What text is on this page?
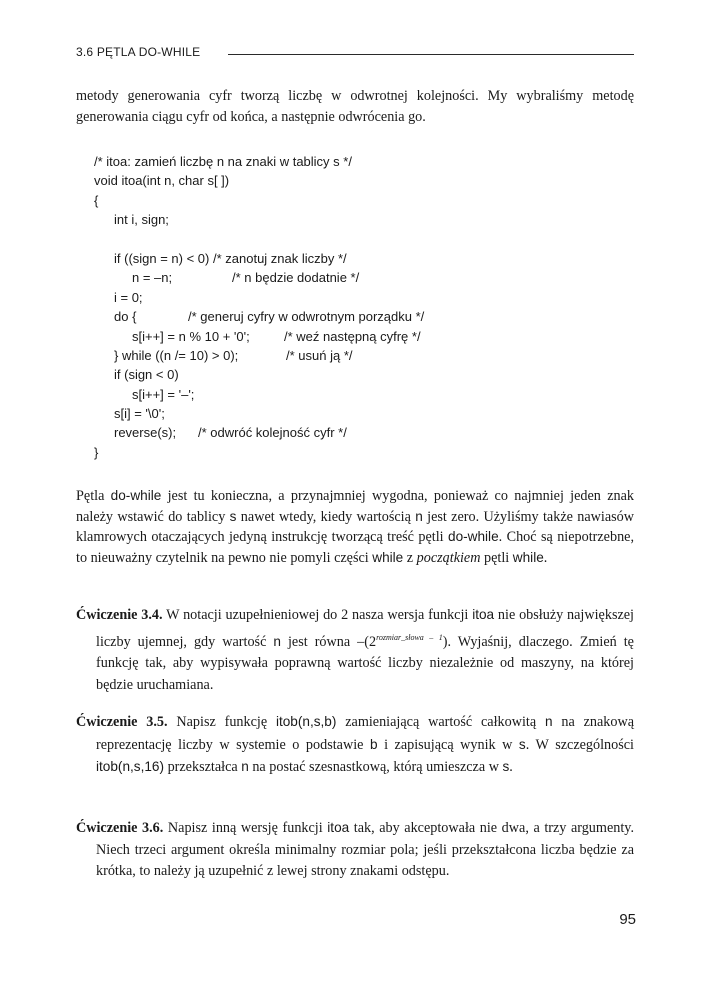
3.6 PĘTLA DO-WHILE

metody generowania cyfr tworzą liczbę w odwrotnej kolejności. My wybraliśmy metodę generowania ciągu cyfr od końca, a następnie odwrócenia go.

/* itoa: zamień liczbę n na znaki w tablicy s */
void itoa(int n, char s[ ])
{
int i, sign;
if ((sign = n) < 0) /* zanotuj znak liczby */
n = –n;	/* n będzie dodatnie */
i = 0;
do {	/* generuj cyfry w odwrotnym porządku */
s[i++] = n % 10 + '0';	/* weź następną cyfrę */
} while ((n /= 10) > 0);	/* usuń ją */
if (sign < 0)
s[i++] = '–';
s[i] = '\0';
reverse(s); /* odwróć kolejność cyfr */
}

Pętla do-while jest tu konieczna, a przynajmniej wygodna, ponieważ co najmniej jeden znak należy wstawić do tablicy s nawet wtedy, kiedy wartością n jest zero. Użyliśmy także nawiasów klamrowych otaczających jedyną instrukcję tworzącą treść pętli do-while. Choć są niepotrzebne, to nieuważny czytelnik na pewno nie pomyli części while z początkiem pętli while.

Ćwiczenie 3.4. W notacji uzupełnieniowej do 2 nasza wersja funkcji itoa nie obsłuży największej liczby ujemnej, gdy wartość n jest równa $-(2^{rozmiar\_słowa - 1})$. Wyjaśnij, dlaczego. Zmień tę funkcję tak, aby wypisywała poprawną wartość liczby niezależnie od maszyny, na której będzie uruchamiana.
Ćwiczenie 3.5. Napisz funkcję itob(n,s,b) zamieniającą wartość całkowitą n na znakową reprezentację liczby w systemie o podstawie b i zapisującą wynik w s. W szczególności itob(n,s,16) przekształca n na postać szesnastkową, którą umieszcza w s.
Ćwiczenie 3.6. Napisz inną wersję funkcji itoa tak, aby akceptowała nie dwa, a trzy argumenty. Niech trzeci argument określa minimalny rozmiar pola; jeśli przekształcona liczba będzie za krótka, to należy ją uzupełnić z lewej strony znakami odstępu.
95
